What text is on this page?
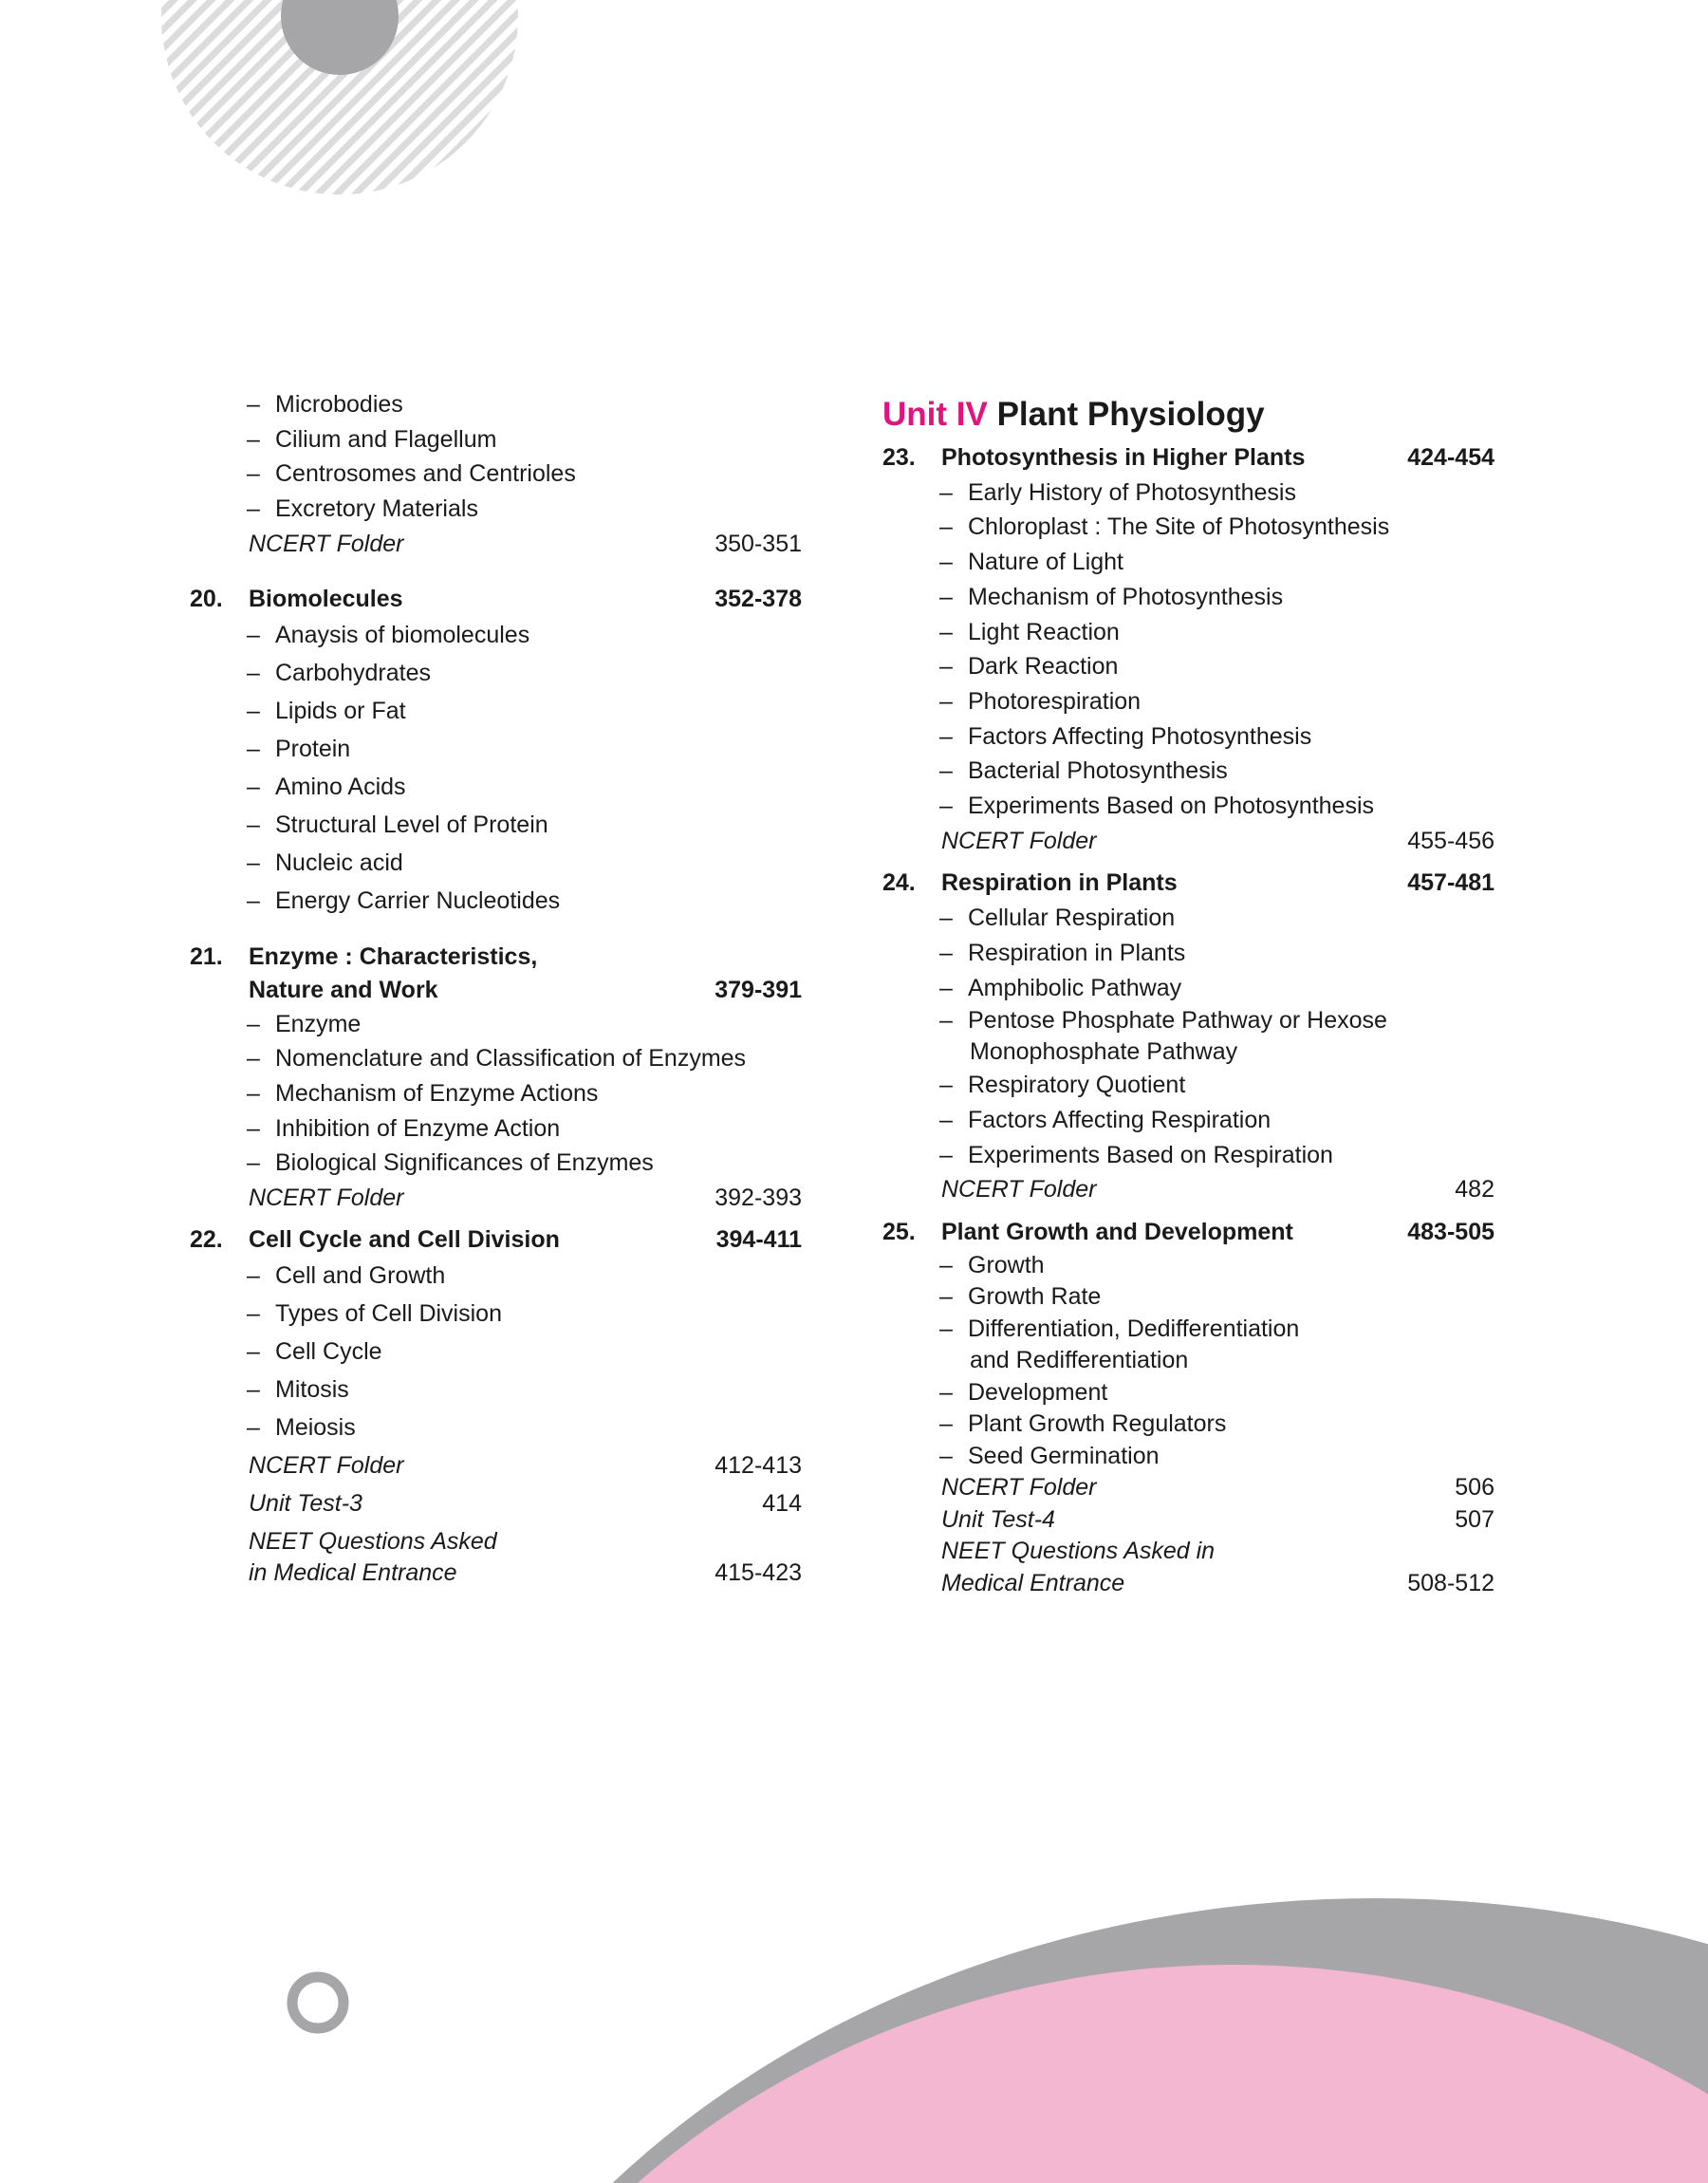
– Microbodies
– Cilium and Flagellum
– Centrosomes and Centrioles
– Excretory Materials
NCERT Folder	350-351
20. Biomolecules	352-378
– Anaysis of biomolecules
– Carbohydrates
– Lipids or Fat
– Protein
– Amino Acids
– Structural Level of Protein
– Nucleic acid
– Energy Carrier Nucleotides
21. Enzyme : Characteristics,
Nature and Work	379-391
– Enzyme
– Nomenclature and Classification of Enzymes
– Mechanism of Enzyme Actions
– Inhibition of Enzyme Action
– Biological Significances of Enzymes
NCERT Folder	392-393
22. Cell Cycle and Cell Division	394-411
– Cell and Growth
– Types of Cell Division
– Cell Cycle
– Mitosis
– Meiosis
NCERT Folder	412-413
Unit Test-3	414
NEET Questions Asked
in Medical Entrance	415-423
Unit IV Plant Physiology
23. Photosynthesis in Higher Plants	424-454
– Early History of Photosynthesis
– Chloroplast : The Site of Photosynthesis
– Nature of Light
– Mechanism of Photosynthesis
– Light Reaction
– Dark Reaction
– Photorespiration
– Factors Affecting Photosynthesis
– Bacterial Photosynthesis
– Experiments Based on Photosynthesis
NCERT Folder	455-456
24. Respiration in Plants	457-481
– Cellular Respiration
– Respiration in Plants
– Amphibolic Pathway
– Pentose Phosphate Pathway or Hexose
Monophosphate Pathway
– Respiratory Quotient
– Factors Affecting Respiration
– Experiments Based on Respiration
NCERT Folder	482
25. Plant Growth and Development	483-505
– Growth
– Growth Rate
– Differentiation, Dedifferentiation
and Redifferentiation
– Development
– Plant Growth Regulators
– Seed Germination
NCERT Folder	506
Unit Test-4	507
NEET Questions Asked in
Medical Entrance	508-512
